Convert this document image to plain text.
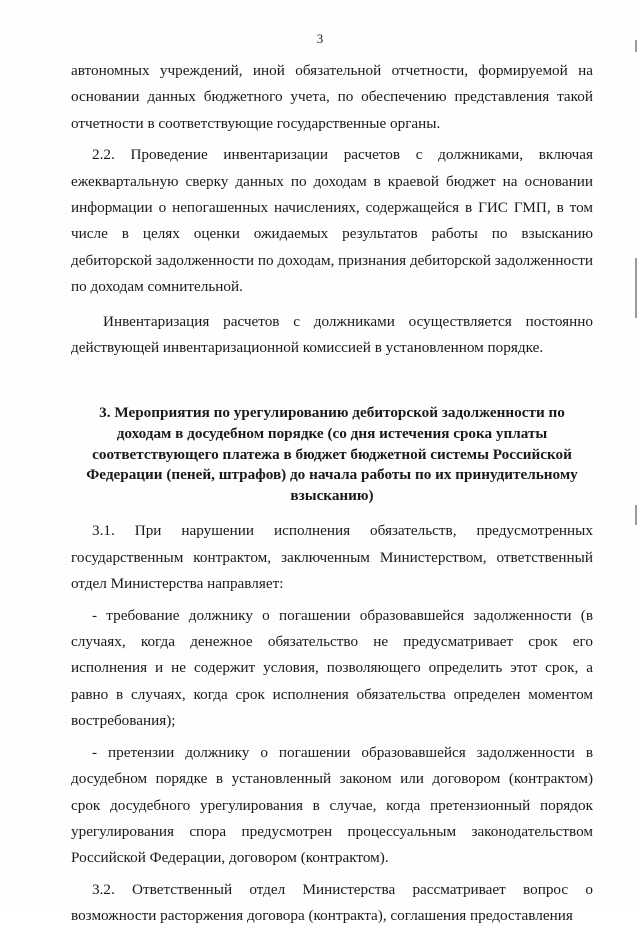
3

автономных учреждений, иной обязательной отчетности, формируемой на основании данных бюджетного учета, по обеспечению представления такой отчетности в соответствующие государственные органы.

2.2. Проведение инвентаризации расчетов с должниками, включая ежеквартальную сверку данных по доходам в краевой бюджет на основании информации о непогашенных начислениях, содержащейся в ГИС ГМП, в том числе в целях оценки ожидаемых результатов работы по взысканию дебиторской задолженности по доходам, признания дебиторской задолженности по доходам сомнительной.

Инвентаризация расчетов с должниками осуществляется постоянно действующей инвентаризационной комиссией в установленном порядке.

3. Мероприятия по урегулированию дебиторской задолженности по доходам в досудебном порядке (со дня истечения срока уплаты соответствующего платежа в бюджет бюджетной системы Российской Федерации (пеней, штрафов) до начала работы по их принудительному взысканию)

3.1. При нарушении исполнения обязательств, предусмотренных государственным контрактом, заключенным Министерством, ответственный отдел Министерства направляет:

- требование должнику о погашении образовавшейся задолженности (в случаях, когда денежное обязательство не предусматривает срок его исполнения и не содержит условия, позволяющего определить этот срок, а равно в случаях, когда срок исполнения обязательства определен моментом востребования);

- претензии должнику о погашении образовавшейся задолженности в досудебном порядке в установленный законом или договором (контрактом) срок досудебного урегулирования в случае, когда претензионный порядок урегулирования спора предусмотрен процессуальным законодательством Российской Федерации, договором (контрактом).

3.2. Ответственный отдел Министерства рассматривает вопрос о возможности расторжения договора (контракта), соглашения предоставления
